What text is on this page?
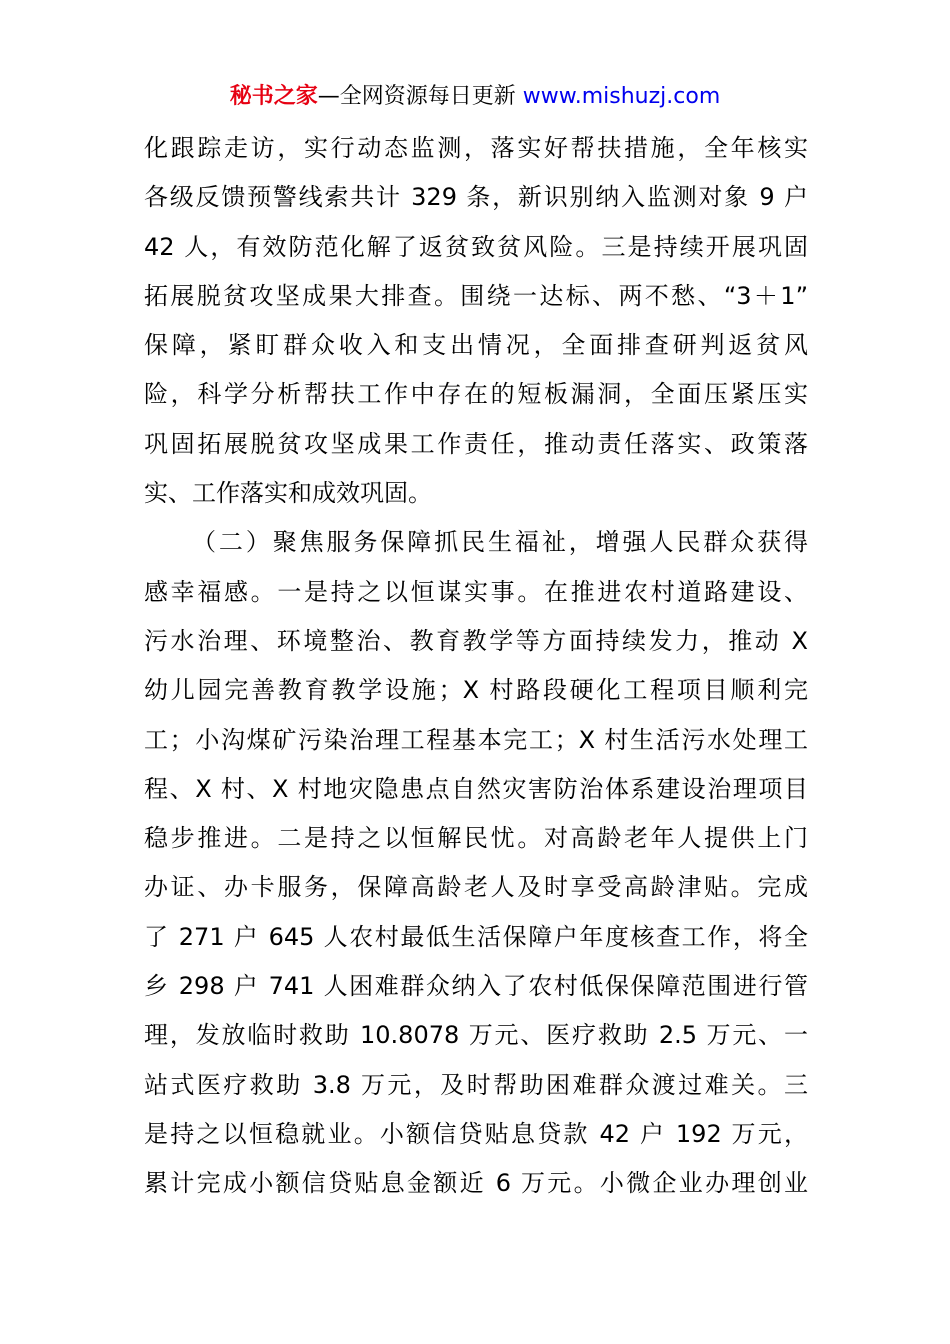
秘书之家—全网资源每日更新 www.mishuzj.com
化跟踪走访，实行动态监测，落实好帮扶措施，全年核实
各级反馈预警线索共计 329 条，新识别纳入监测对象 9 户
42 人，有效防范化解了返贫致贫风险。三是持续开展巩固
拓展脱贫攻坚成果大排查。围绕一达标、两不愁、“3＋1”
保障，紧盯群众收入和支出情况，全面排查研判返贫风
险，科学分析帮扶工作中存在的短板漏洞，全面压紧压实
巩固拓展脱贫攻坚成果工作责任，推动责任落实、政策落
实、工作落实和成效巩固。
（二）聚焦服务保障抓民生福祉，增强人民群众获得
感幸福感。一是持之以恒谋实事。在推进农村道路建设、
污水治理、环境整治、教育教学等方面持续发力，推动 X
幼儿园完善教育教学设施；X 村路段硬化工程项目顺利完
工；小沟煤矿污染治理工程基本完工；X 村生活污水处理工
程、X 村、X 村地灾隐患点自然灾害防治体系建设治理项目
稳步推进。二是持之以恒解民忧。对高龄老年人提供上门
办证、办卡服务，保障高龄老人及时享受高龄津贴。完成
了 271 户 645 人农村最低生活保障户年度核查工作，将全
乡 298 户 741 人困难群众纳入了农村低保保障范围进行管
理，发放临时救助 10.8078 万元、医疗救助 2.5 万元、一
站式医疗救助 3.8 万元，及时帮助困难群众渡过难关。三
是持之以恒稳就业。小额信贷贴息贷款 42 户 192 万元，
累计完成小额信贷贴息金额近 6 万元。小微企业办理创业
